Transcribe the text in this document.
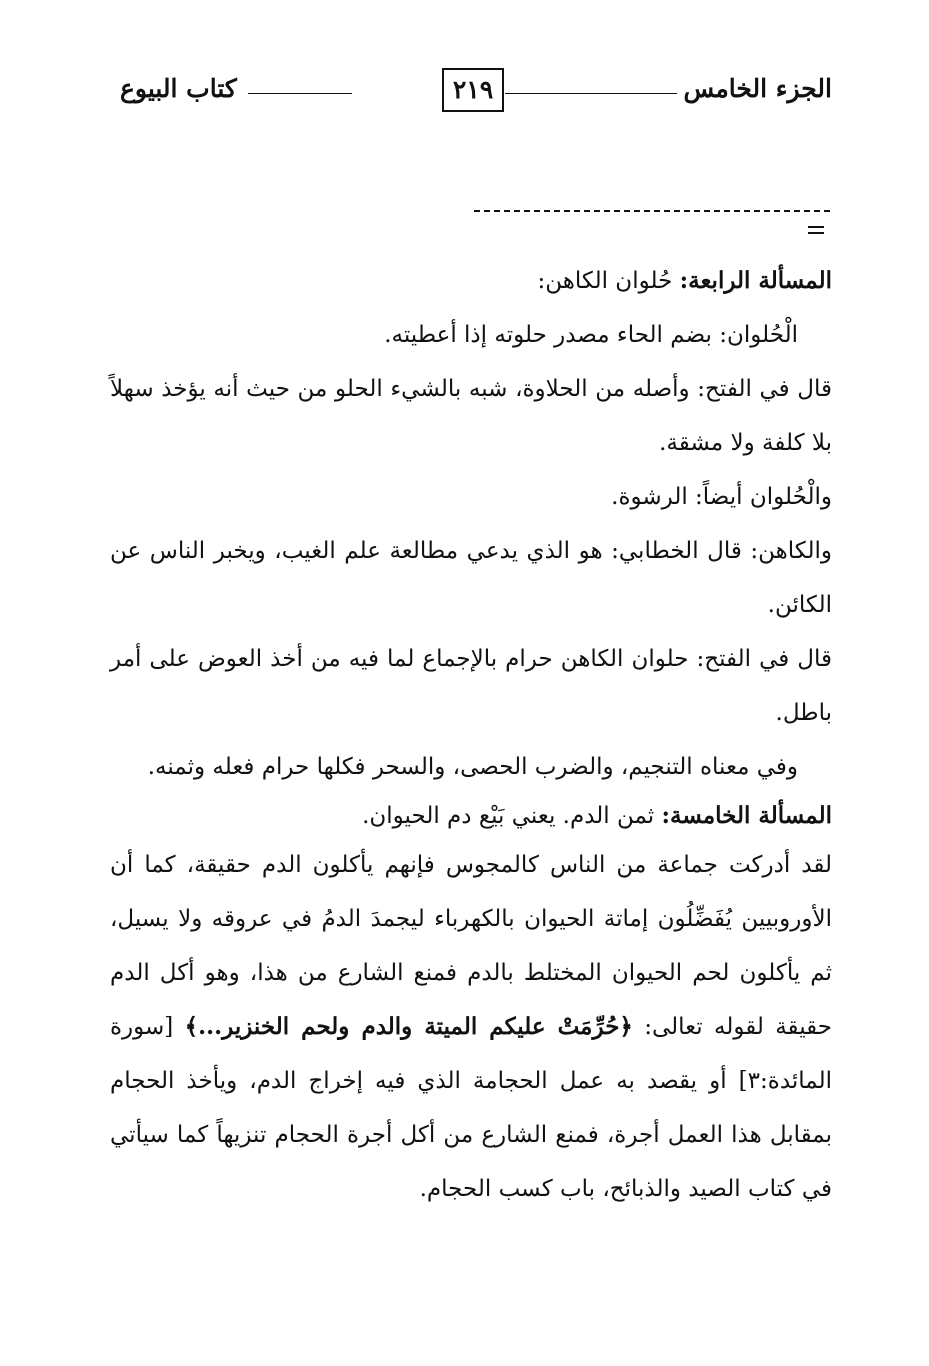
كتاب البيوع	٢١٩	الجزء الخامس

المسألة الرابعة: حُلوان الكاهن:

الْحُلوان: بضم الحاء مصدر حلوته إذا أعطيته.

قال في الفتح: وأصله من الحلاوة، شبه بالشيء الحلو من حيث أنه يؤخذ سهلاً بلا كلفة ولا مشقة.

والْحُلوان أيضاً: الرشوة.

والكاهن: قال الخطابي: هو الذي يدعي مطالعة علم الغيب، ويخبر الناس عن الكائن.

قال في الفتح: حلوان الكاهن حرام بالإجماع لما فيه من أخذ العوض على أمر باطل.

وفي معناه التنجيم، والضرب الحصى، والسحر فكلها حرام فعله وثمنه.

المسألة الخامسة: ثمن الدم. يعني بَيْع دم الحيوان.

لقد أدركت جماعة من الناس كالمجوس فإنهم يأكلون الدم حقيقة، كما أن الأوروبيين يُفَضِّلُون إماتة الحيوان بالكهرباء ليجمدَ الدمُ في عروقه ولا يسيل، ثم يأكلون لحم الحيوان المختلط بالدم فمنع الشارع من هذا، وهو أكل الدم حقيقة لقوله تعالى: ﴿حُرِّمَتْ عليكم الميتة والدم ولحم الخنزير...﴾ [سورة المائدة:٣] أو يقصد به عمل الحجامة الذي فيه إخراج الدم، ويأخذ الحجام بمقابل هذا العمل أجرة، فمنع الشارع من أكل أجرة الحجام تنزيهاً كما سيأتي في كتاب الصيد والذبائح، باب كسب الحجام.
